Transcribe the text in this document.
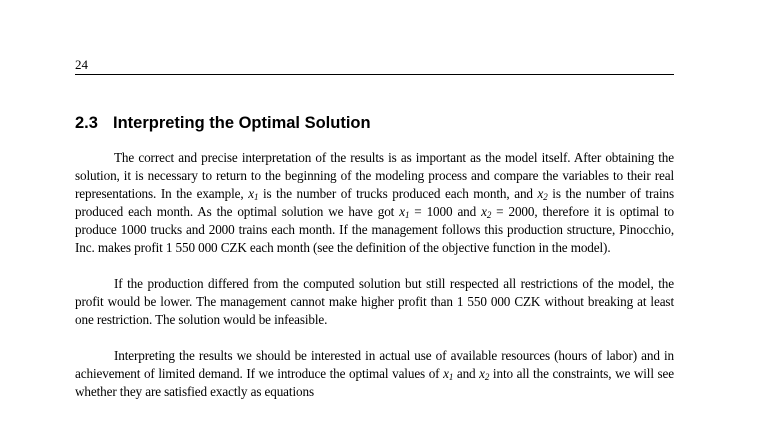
24
2.3 Interpreting the Optimal Solution

The correct and precise interpretation of the results is as important as the model itself. After obtaining the solution, it is necessary to return to the beginning of the modeling process and compare the variables to their real representations. In the example, $x_1$ is the number of trucks produced each month, and $x_2$ is the number of trains produced each month. As the optimal solution we have got $x_1 = 1000$ and $x_2 = 2000$, therefore it is optimal to produce 1000 trucks and 2000 trains each month. If the management follows this production structure, Pinocchio, Inc. makes profit 1 550 000 CZK each month (see the definition of the objective function in the model).

If the production differed from the computed solution but still respected all restrictions of the model, the profit would be lower. The management cannot make higher profit than 1 550 000 CZK without breaking at least one restriction. The solution would be infeasible.

Interpreting the results we should be interested in actual use of available resources (hours of labor) and in achievement of limited demand. If we introduce the optimal values of $x_1$ and $x_2$ into all the constraints, we will see whether they are satisfied exactly as equations
